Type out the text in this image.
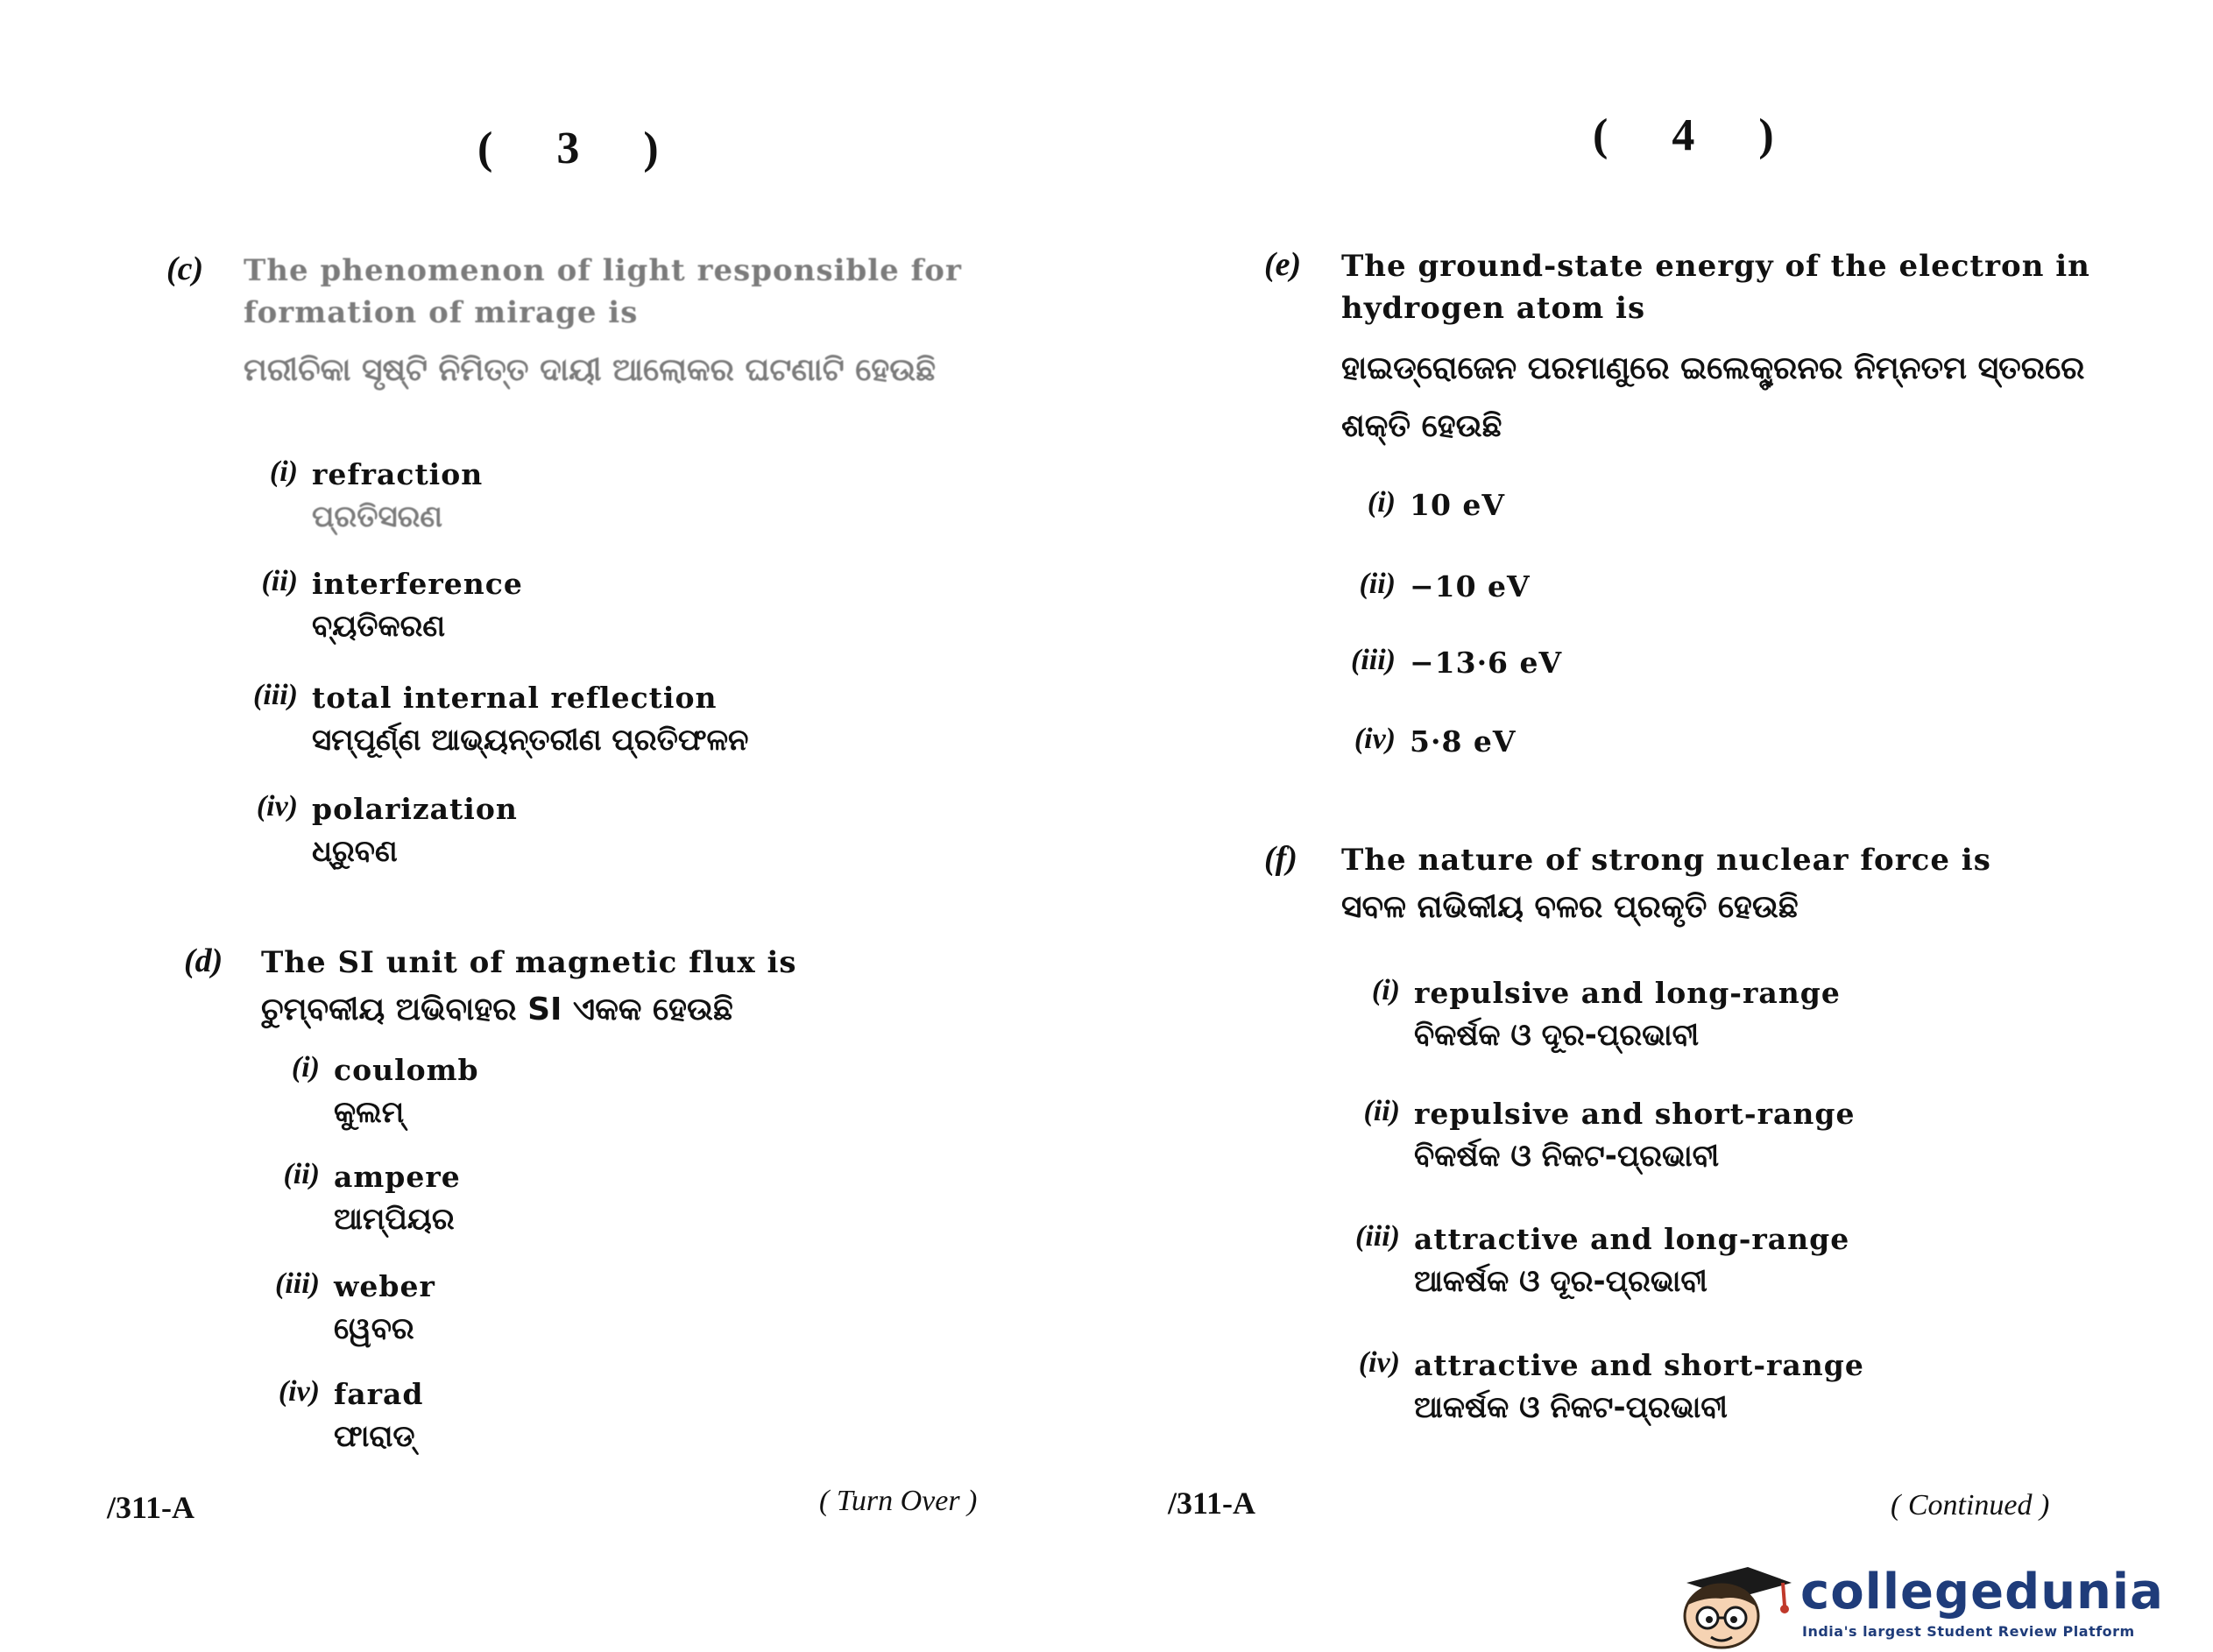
( 3 )
(c)	The phenomenon of light responsible for formation of mirage is
ମରୀଚିକା ସୃଷ୍ଟି ନିମିତ୍ତ ଦାୟୀ ଆଲୋକର ଘଟଣାଟି ହେଉଛି
(i) refraction
ପ୍ରତିସରଣ
(ii) interference
ବ୍ୟତିକରଣ
(iii) total internal reflection
ସମ୍ପୂର୍ଣ୍ଣ ଆଭ୍ୟନ୍ତରୀଣ ପ୍ରତିଫଳନ
(iv) polarization
ଧ୍ରୁବଣ
(d)	The SI unit of magnetic flux is
ଚୁମ୍ବକୀୟ ଅଭିବାହର SI ଏକକ ହେଉଛି
(i) coulomb
କୁଲମ୍
(ii) ampere
ଆମ୍ପିୟର
(iii) weber
ୱେବର
(iv) farad
ଫାରାଡ୍
/311-A	( Turn Over )
( 4 )
(e)	The ground-state energy of the electron in hydrogen atom is
ହାଇଡ୍ରୋଜେନ ପରମାଣୁରେ ଇଲେକ୍ଟ୍ରନର ନିମ୍ନତମ ସ୍ତରରେ ଶକ୍ତି ହେଉଛି
(i) 10 eV
(ii) −10 eV
(iii) −13·6 eV
(iv) 5·8 eV
(f)	The nature of strong nuclear force is
ସବଳ ନାଭିକୀୟ ବଳର ପ୍ରକୃତି ହେଉଛି
(i) repulsive and long-range
ବିକର୍ଷକ ଓ ଦୂର-ପ୍ରଭାବୀ
(ii) repulsive and short-range
ବିକର୍ଷକ ଓ ନିକଟ-ପ୍ରଭାବୀ
(iii) attractive and long-range
ଆକର୍ଷକ ଓ ଦୂର-ପ୍ରଭାବୀ
(iv) attractive and short-range
ଆକର୍ଷକ ଓ ନିକଟ-ପ୍ରଭାବୀ
/311-A	( Continued )
collegedunia
India's largest Student Review Platform
